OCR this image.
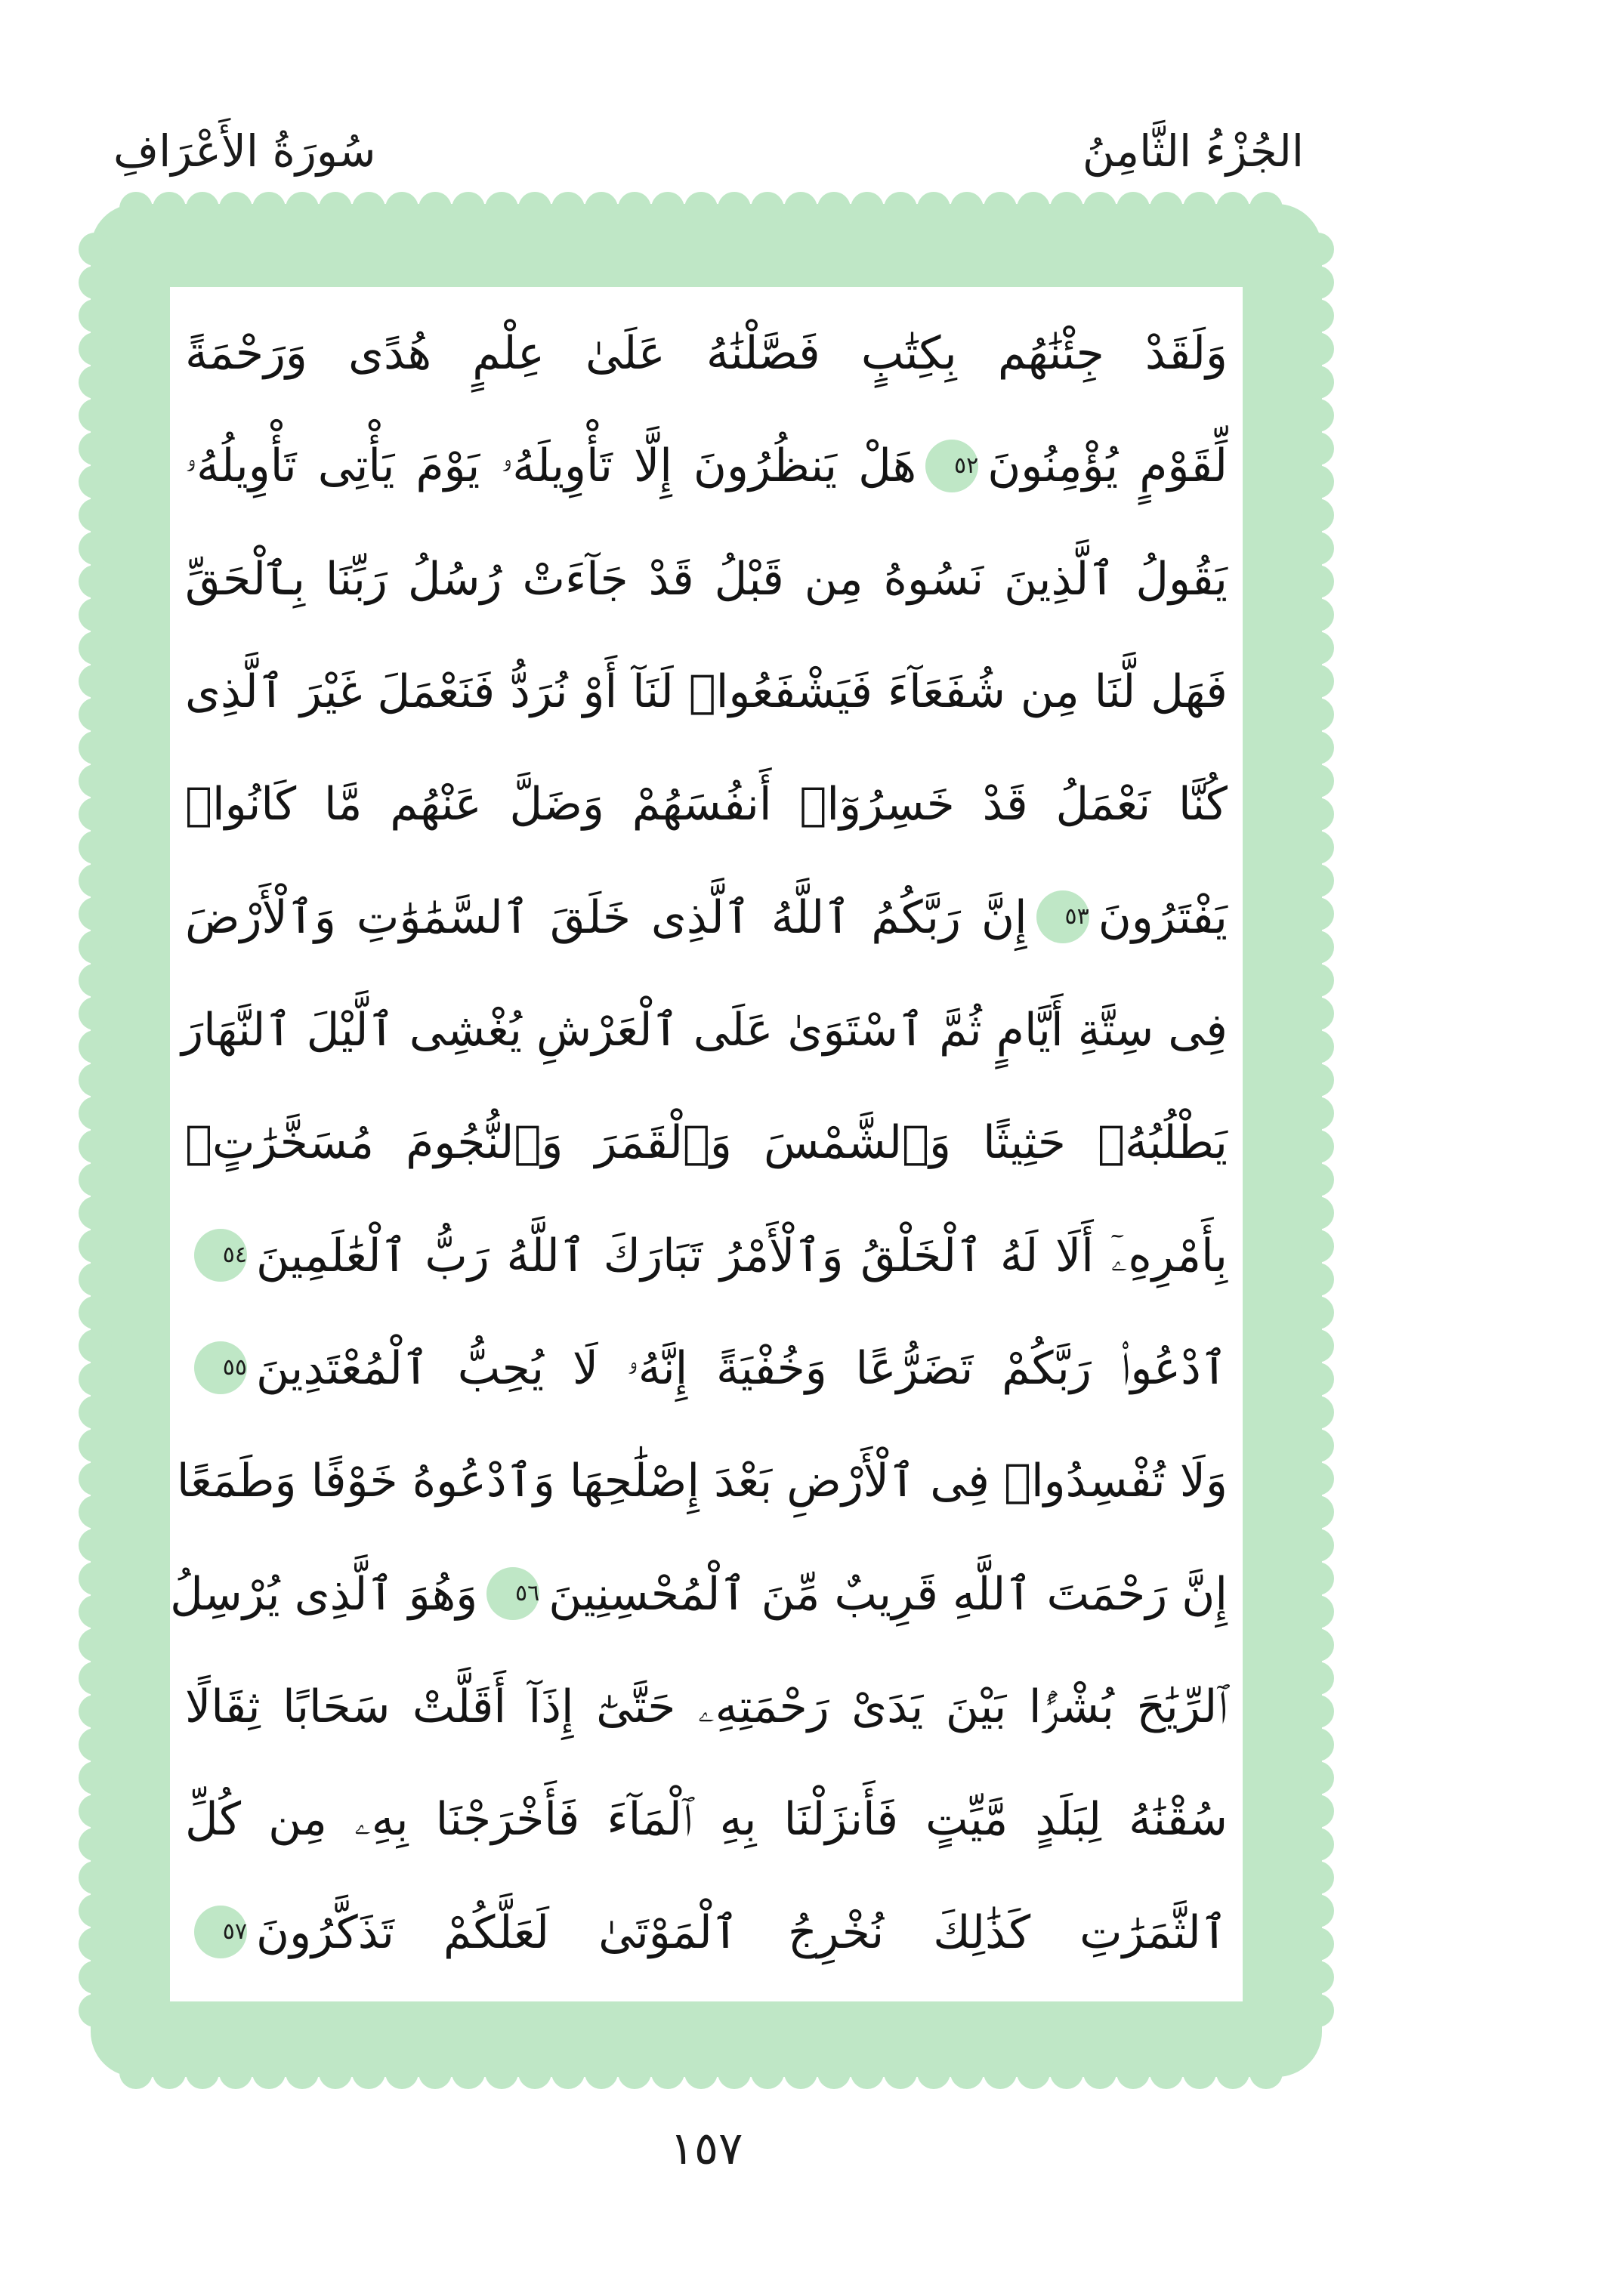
الجُزْءُ الثَّامِنُ
سُورَةُ الأَعْرَافِ
وَلَقَدْ جِئْنَٰهُم بِكِتَٰبٍ فَصَّلْنَٰهُ عَلَىٰ عِلْمٍ هُدًى وَرَحْمَةً
لِّقَوْمٍ يُؤْمِنُونَ٥٢هَلْ يَنظُرُونَ إِلَّا تَأْوِيلَهُۥ يَوْمَ يَأْتِى تَأْوِيلُهُۥ
يَقُولُ ٱلَّذِينَ نَسُوهُ مِن قَبْلُ قَدْ جَآءَتْ رُسُلُ رَبِّنَا بِٱلْحَقِّ
فَهَل لَّنَا مِن شُفَعَآءَ فَيَشْفَعُوا۟ لَنَآ أَوْ نُرَدُّ فَنَعْمَلَ غَيْرَ ٱلَّذِى
كُنَّا نَعْمَلُ قَدْ خَسِرُوٓا۟ أَنفُسَهُمْ وَضَلَّ عَنْهُم مَّا كَانُوا۟
يَفْتَرُونَ٥٣إِنَّ رَبَّكُمُ ٱللَّهُ ٱلَّذِى خَلَقَ ٱلسَّمَٰوَٰتِ وَٱلْأَرْضَ
فِى سِتَّةِ أَيَّامٍ ثُمَّ ٱسْتَوَىٰ عَلَى ٱلْعَرْشِ يُغْشِى ٱلَّيْلَ ٱلنَّهَارَ
يَطْلُبُهُۥ حَثِيثًا وَٱلشَّمْسَ وَٱلْقَمَرَ وَٱلنُّجُومَ مُسَخَّرَٰتٍۭ
بِأَمْرِهِۦٓ أَلَا لَهُ ٱلْخَلْقُ وَٱلْأَمْرُ تَبَارَكَ ٱللَّهُ رَبُّ ٱلْعَٰلَمِينَ٥٤
ٱدْعُوا۟ رَبَّكُمْ تَضَرُّعًا وَخُفْيَةً إِنَّهُۥ لَا يُحِبُّ ٱلْمُعْتَدِينَ٥٥
وَلَا تُفْسِدُوا۟ فِى ٱلْأَرْضِ بَعْدَ إِصْلَٰحِهَا وَٱدْعُوهُ خَوْفًا وَطَمَعًا
إِنَّ رَحْمَتَ ٱللَّهِ قَرِيبٌ مِّنَ ٱلْمُحْسِنِينَ٥٦وَهُوَ ٱلَّذِى يُرْسِلُ
ٱلرِّيَٰحَ بُشْرًۢا بَيْنَ يَدَىْ رَحْمَتِهِۦ حَتَّىٰٓ إِذَآ أَقَلَّتْ سَحَابًا ثِقَالًا
سُقْنَٰهُ لِبَلَدٍ مَّيِّتٍ فَأَنزَلْنَا بِهِ ٱلْمَآءَ فَأَخْرَجْنَا بِهِۦ مِن كُلِّ
ٱلثَّمَرَٰتِ كَذَٰلِكَ نُخْرِجُ ٱلْمَوْتَىٰ لَعَلَّكُمْ تَذَكَّرُونَ٥٧
١٥٧
